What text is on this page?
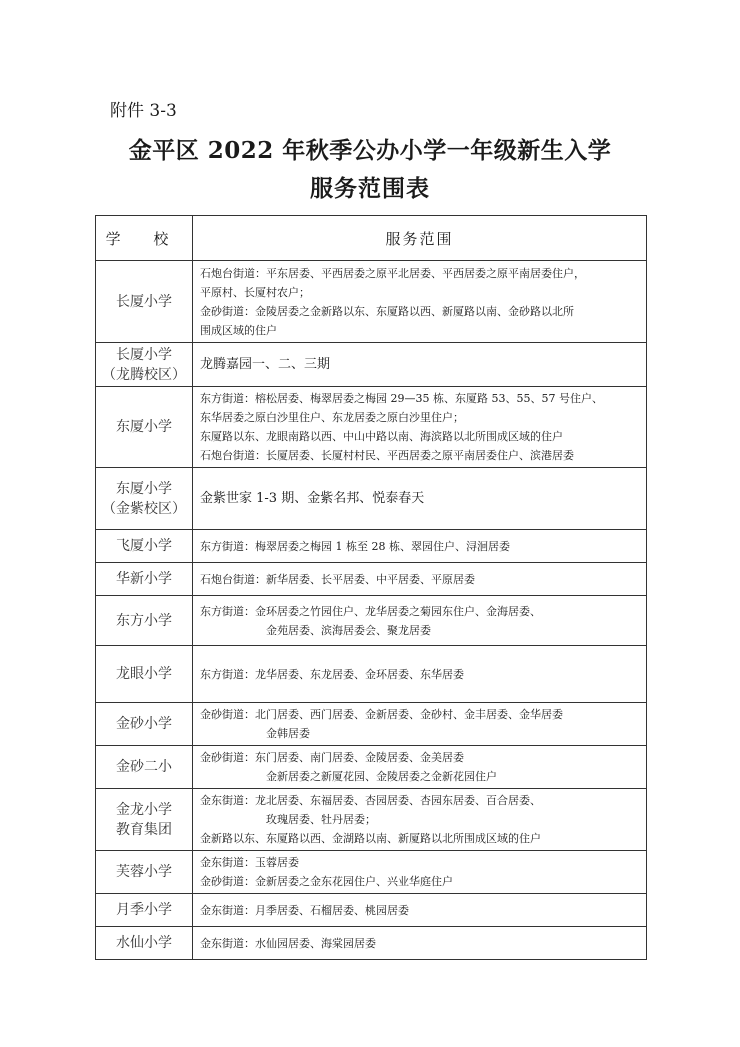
附件 3-3
金平区 2022 年秋季公办小学一年级新生入学
服务范围表
学 校	服务范围

长厦小学	石炮台街道：平东居委、平西居委之原平北居委、平西居委之原平南居委住户，
平原村、长厦村农户；
金砂街道：金陵居委之金新路以东、东厦路以西、新厦路以南、金砂路以北所
围成区域的住户

长厦小学
（龙腾校区）	龙腾嘉园一、二、三期

东厦小学	东方街道：榕松居委、梅翠居委之梅园 29—35 栋、东厦路 53、55、57 号住户、
东华居委之原白沙里住户、东龙居委之原白沙里住户；
东厦路以东、龙眼南路以西、中山中路以南、海滨路以北所围成区域的住户
石炮台街道：长厦居委、长厦村村民、平西居委之原平南居委住户、滨港居委

东厦小学
（金紫校区）	金紫世家 1-3 期、金紫名邦、悦泰春天

飞厦小学	东方街道：梅翠居委之梅园 1 栋至 28 栋、翠园住户、浔洄居委

华新小学	石炮台街道：新华居委、长平居委、中平居委、平原居委

东方小学	东方街道：金环居委之竹园住户、龙华居委之菊园东住户、金海居委、
金苑居委、滨海居委会、聚龙居委

龙眼小学	东方街道：龙华居委、东龙居委、金环居委、东华居委

金砂小学	金砂街道：北门居委、西门居委、金新居委、金砂村、金丰居委、金华居委
金韩居委

金砂二小	金砂街道：东门居委、南门居委、金陵居委、金美居委
金新居委之新厦花园、金陵居委之金新花园住户

金龙小学
教育集团	金东街道：龙北居委、东福居委、杏园居委、杏园东居委、百合居委、
玫瑰居委、牡丹居委；
金新路以东、东厦路以西、金湖路以南、新厦路以北所围成区域的住户

芙蓉小学	金东街道：玉蓉居委
金砂街道：金新居委之金东花园住户、兴业华庭住户

月季小学	金东街道：月季居委、石榴居委、桃园居委

水仙小学	金东街道：水仙园居委、海棠园居委
